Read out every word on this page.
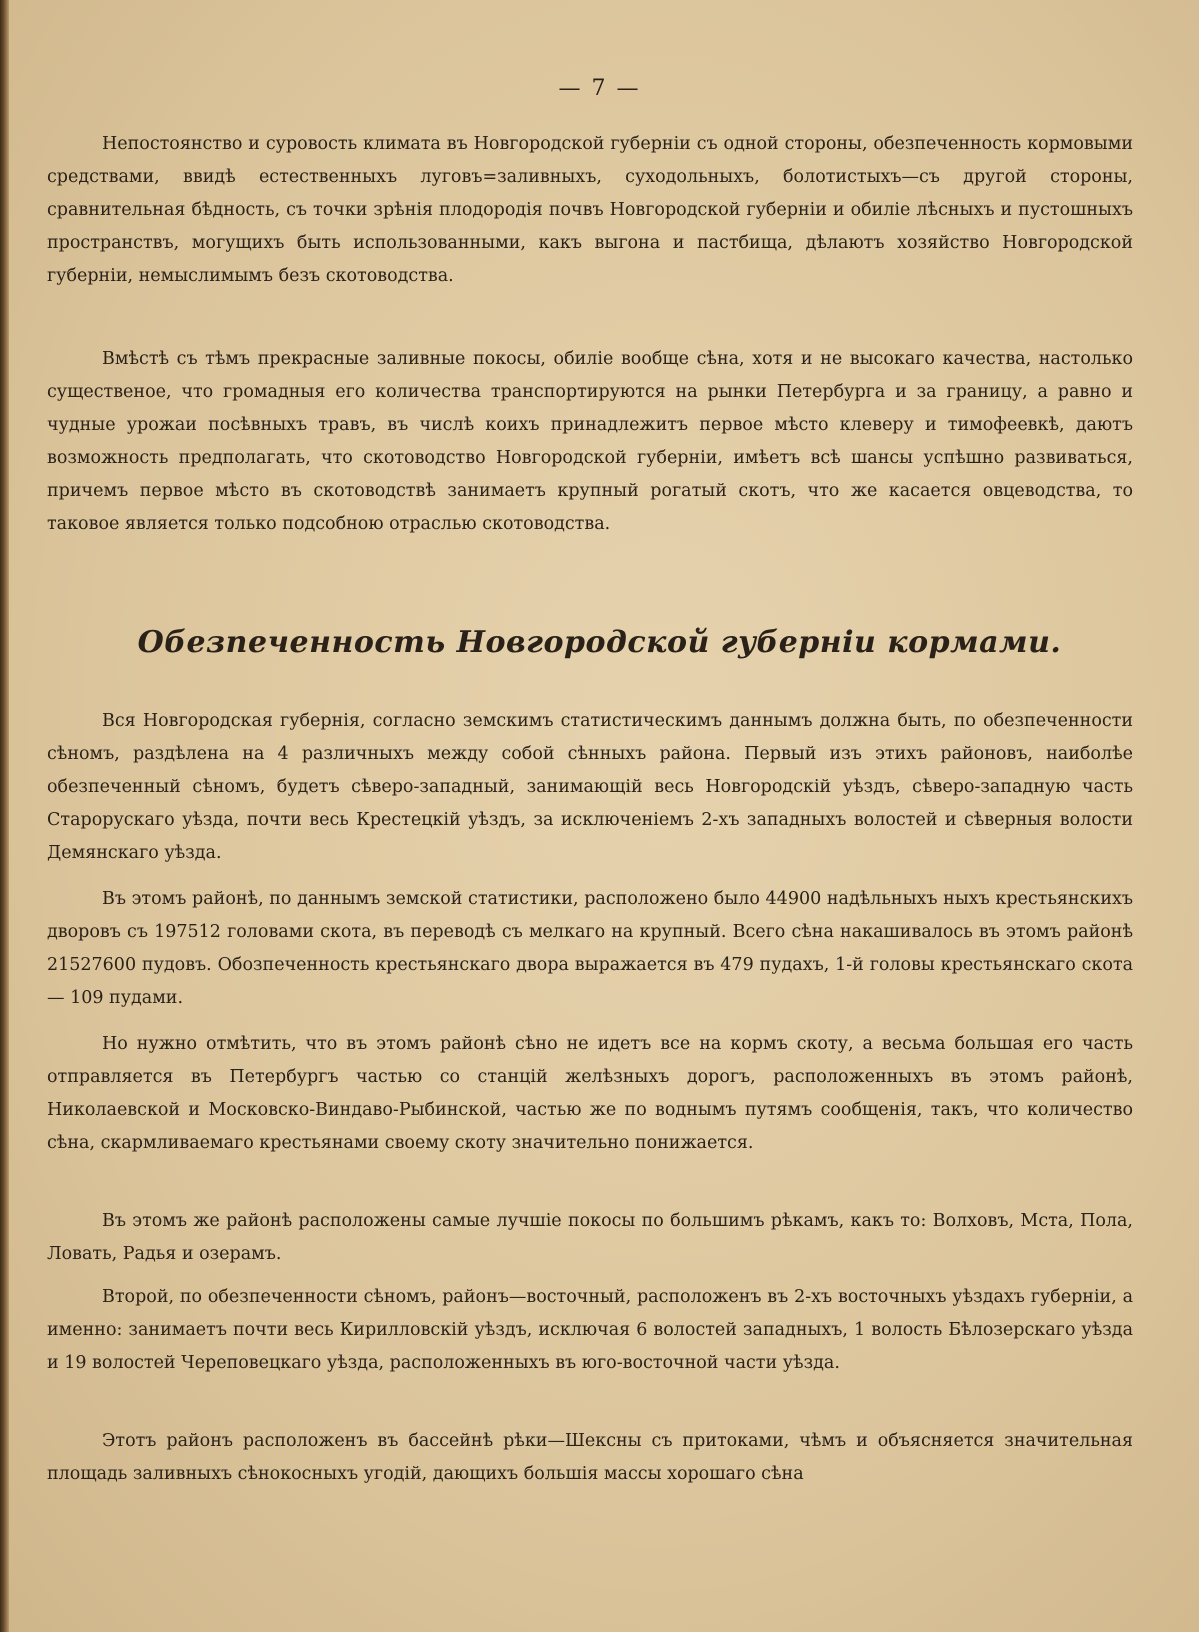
— 7 —

Непостоянство и суровость климата въ Новгородской губерніи съ одной стороны, обезпеченность кормовыми средствами, ввидѣ естественныхъ луговъ=заливныхъ, суходольныхъ, болотистыхъ—съ другой стороны, сравнительная бѣдность, съ точки зрѣнія плодородія почвъ Новгородской губерніи и обиліе лѣсныхъ и пустошныхъ пространствъ, могущихъ быть использованными, какъ выгона и пастбища, дѣлаютъ хозяйство Новгородской губерніи, немыслимымъ безъ скотоводства.

Вмѣстѣ съ тѣмъ прекрасные заливные покосы, обиліе вообще сѣна, хотя и не высокаго качества, настолько существеное, что громадныя его количества транспортируются на рынки Петербурга и за границу, а равно и чудные урожаи посѣвныхъ травъ, въ числѣ коихъ принадлежитъ первое мѣсто клеверу и тимофеевкѣ, даютъ возможность предполагать, что скотоводство Новгородской губерніи, имѣетъ всѣ шансы успѣшно развиваться, причемъ первое мѣсто въ скотоводствѣ занимаетъ крупный рогатый скотъ, что же касается овцеводства, то таковое является только подсобною отраслью скотоводства.

Обезпеченность Новгородской губерніи кормами.

Вся Новгородская губернія, согласно земскимъ статистическимъ даннымъ должна быть, по обезпеченности сѣномъ, раздѣлена на 4 различныхъ между собой сѣнныхъ района. Первый изъ этихъ районовъ, наиболѣе обезпеченный сѣномъ, будетъ сѣверо-западный, занимающій весь Новгородскій уѣздъ, сѣверо-западную часть Старорускаго уѣзда, почти весь Крестецкій уѣздъ, за исключеніемъ 2-хъ западныхъ волостей и сѣверныя волости Демянскаго уѣзда.

Въ этомъ районѣ, по даннымъ земской статистики, расположено было 44900 надѣльныхъ ныхъ крестьянскихъ дворовъ съ 197512 головами скота, въ переводѣ съ мелкаго на крупный. Всего сѣна накашивалось въ этомъ районѣ 21527600 пудовъ. Обозпеченность крестьянскаго двора выражается въ 479 пудахъ, 1-й головы крестьянскаго скота— 109 пудами.

Но нужно отмѣтить, что въ этомъ районѣ сѣно не идетъ все на кормъ скоту, а весьма большая его часть отправляется въ Петербургъ частью со станцій желѣзныхъ дорогъ, расположенныхъ въ этомъ районѣ, Николаевской и Московско-Виндаво-Рыбинской, частью же по воднымъ путямъ сообщенія, такъ, что количество сѣна, скармливаемаго крестьянами своему скоту значительно понижается.

Въ этомъ же районѣ расположены самые лучшіе покосы по большимъ рѣкамъ, какъ то: Волховъ, Мста, Пола, Ловать, Радья и озерамъ.

Второй, по обезпеченности сѣномъ, районъ—восточный, расположенъ въ 2-хъ восточныхъ уѣздахъ губерніи, а именно: занимаетъ почти весь Кирилловскій уѣздъ, исключая 6 волостей западныхъ, 1 волость Бѣлозерскаго уѣзда и 19 волостей Череповецкаго уѣзда, расположенныхъ въ юго-восточной части уѣзда.

Этотъ районъ расположенъ въ бассейнѣ рѣки—Шексны съ притоками, чѣмъ и объясняется значительная площадь заливныхъ сѣнокосныхъ угодій, дающихъ большія массы хорошаго сѣна
